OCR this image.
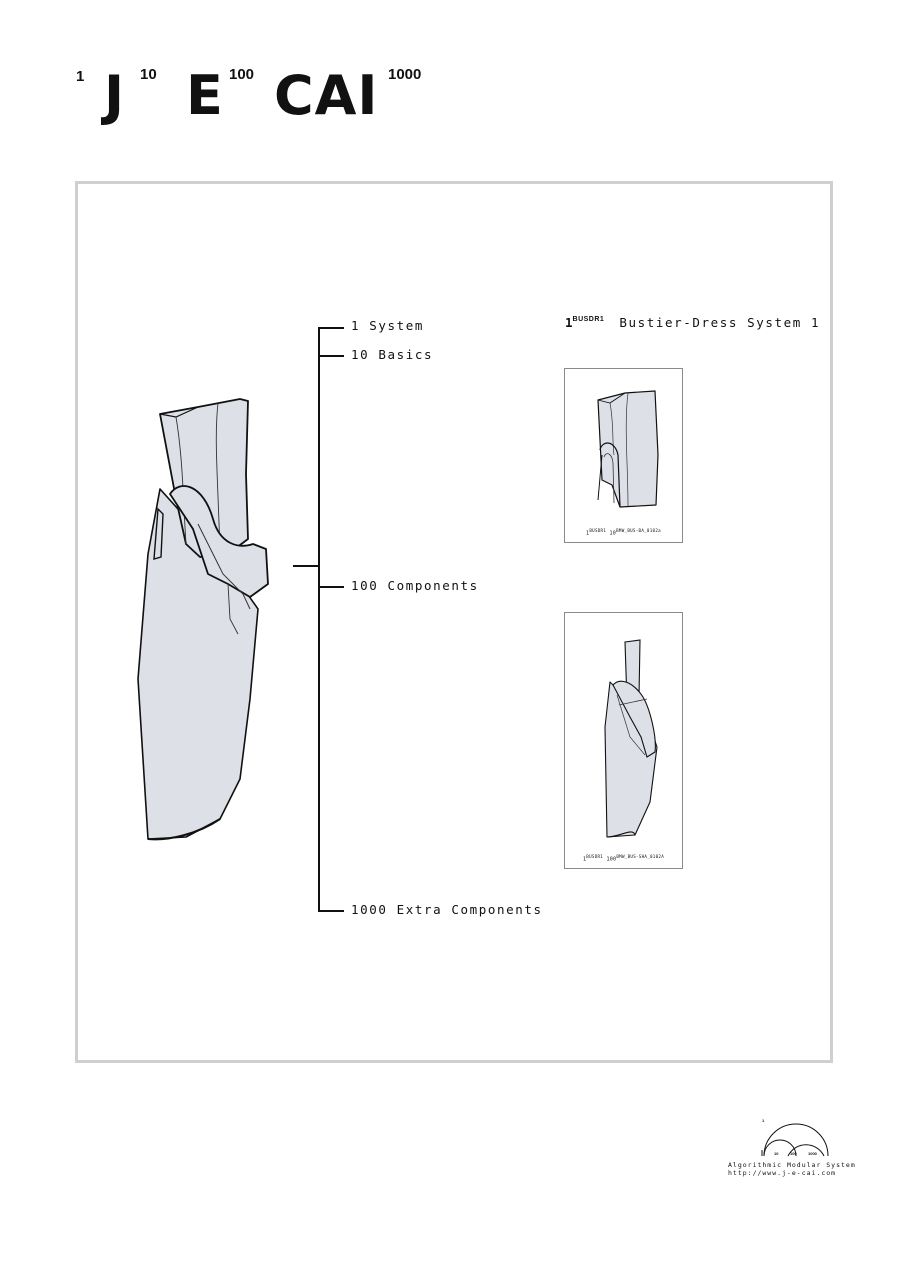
1 J 10 E 100 CAI 1000
1 System
10 Basics
100 Components
1000 Extra Components
$1^{BUSDR1}$ Bustier-Dress System 1
$1^{BUSDR1}$ $10^{BMW\_BUS-BA\_0102a}$
$1^{BUSDR1}$ $100^{BMW\_BUS-SHA\_0102A}$
1
10	100	1000
Algorithmic Modular System
http://www.j-e-cai.com
